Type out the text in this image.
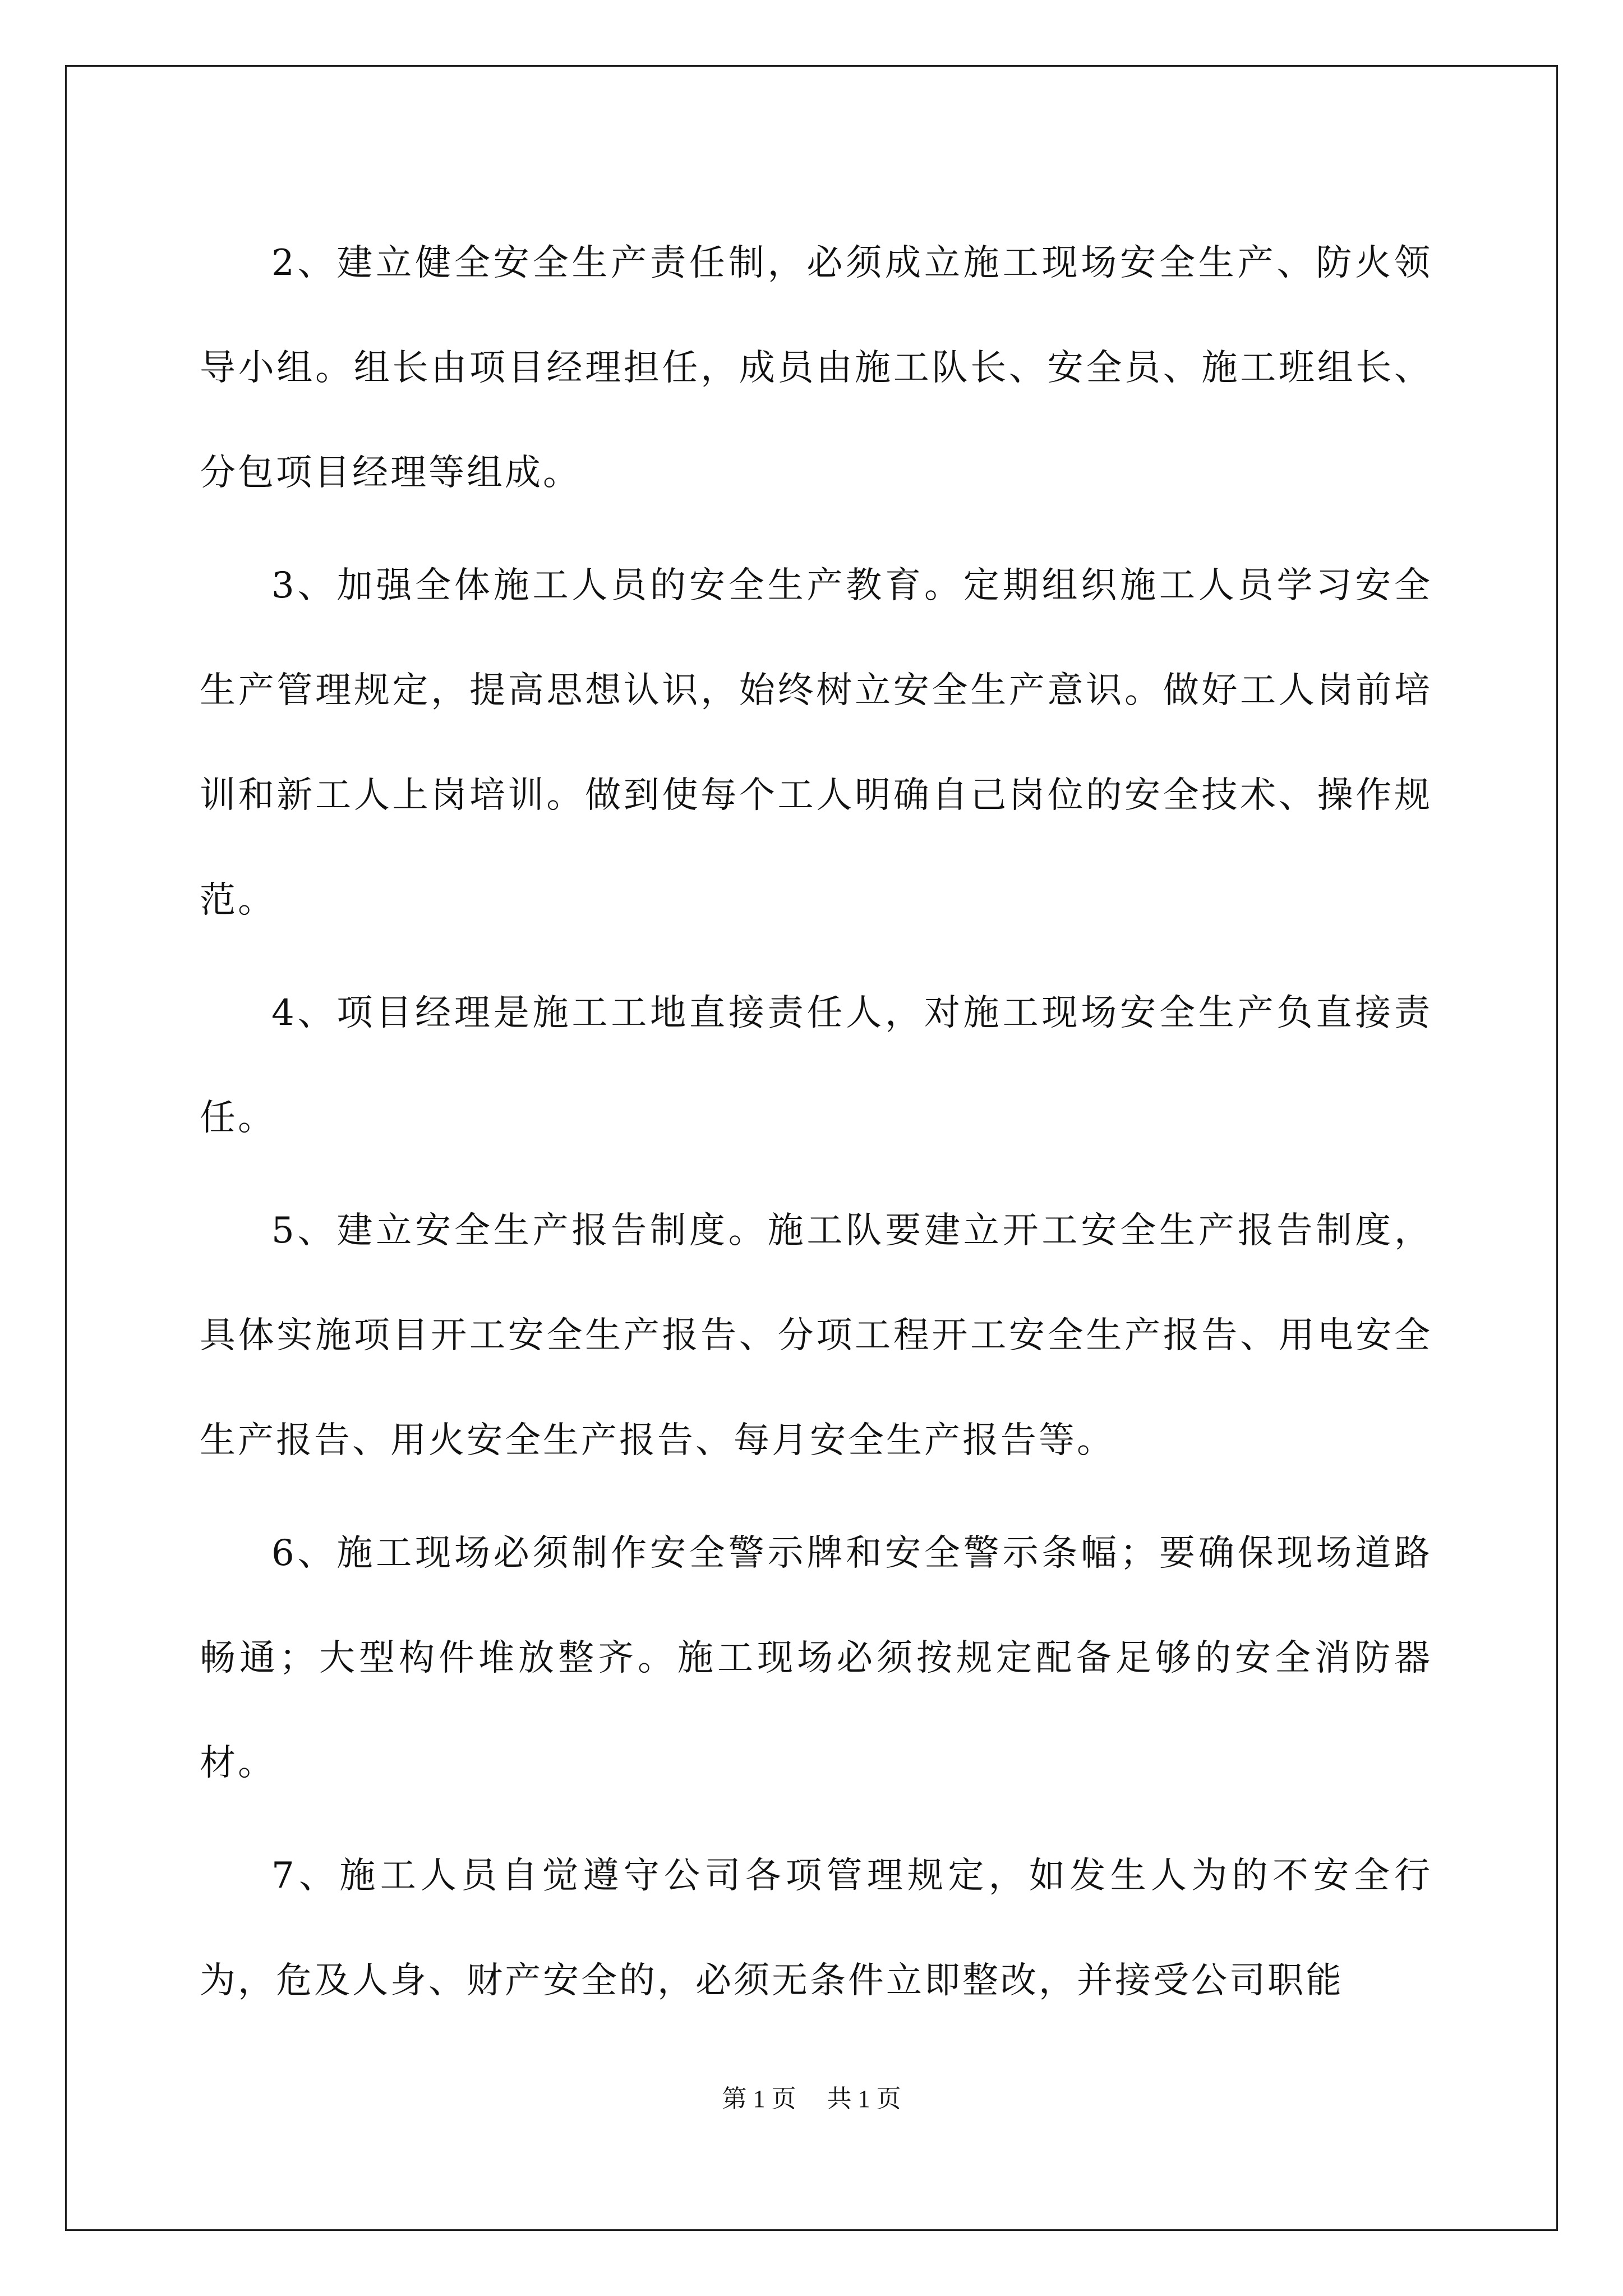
2、建立健全安全生产责任制，必须成立施工现场安全生产、防火领导小组。组长由项目经理担任，成员由施工队长、安全员、施工班组长、分包项目经理等组成。

3、加强全体施工人员的安全生产教育。定期组织施工人员学习安全生产管理规定，提高思想认识，始终树立安全生产意识。做好工人岗前培训和新工人上岗培训。做到使每个工人明确自己岗位的安全技术、操作规范。

4、项目经理是施工工地直接责任人，对施工现场安全生产负直接责任。

5、建立安全生产报告制度。施工队要建立开工安全生产报告制度，具体实施项目开工安全生产报告、分项工程开工安全生产报告、用电安全生产报告、用火安全生产报告、每月安全生产报告等。

6、施工现场必须制作安全警示牌和安全警示条幅；要确保现场道路畅通；大型构件堆放整齐。施工现场必须按规定配备足够的安全消防器材。

7、施工人员自觉遵守公司各项管理规定，如发生人为的不安全行为，危及人身、财产安全的，必须无条件立即整改，并接受公司职能

第 1 页　 共 1 页
